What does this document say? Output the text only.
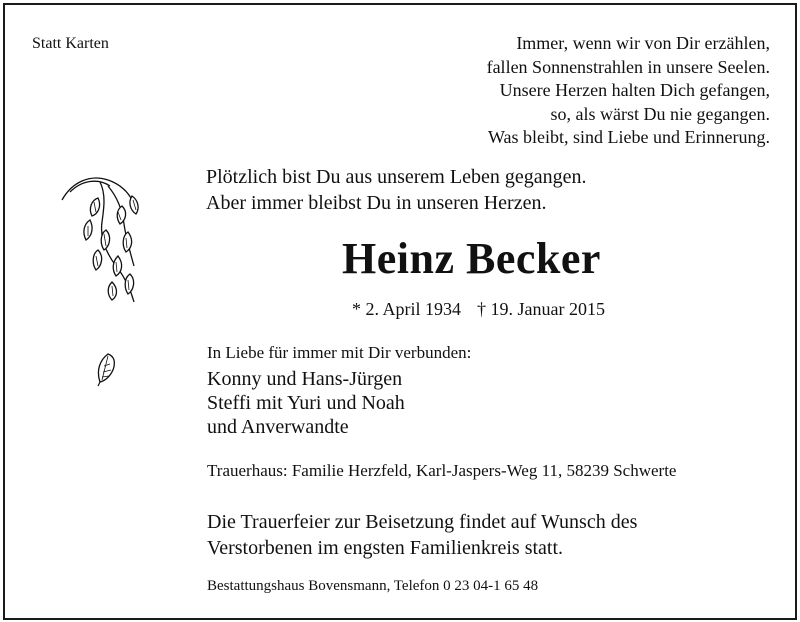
Statt Karten	Immer, wenn wir von Dir erzählen,
fallen Sonnenstrahlen in unsere Seelen.
Unsere Herzen halten Dich gefangen,
so, als wärst Du nie gegangen.
Was bleibt, sind Liebe und Erinnerung.
Plötzlich bist Du aus unserem Leben gegangen.
Aber immer bleibst Du in unseren Herzen.
Heinz Becker
* 2. April 1934 † 19. Januar 2015
In Liebe für immer mit Dir verbunden:
Konny und Hans-Jürgen
Steffi mit Yuri und Noah
und Anverwandte
Trauerhaus: Familie Herzfeld, Karl-Jaspers-Weg 11, 58239 Schwerte
Die Trauerfeier zur Beisetzung findet auf Wunsch des
Verstorbenen im engsten Familienkreis statt.
Bestattungshaus Bovensmann, Telefon 0 23 04-1 65 48
